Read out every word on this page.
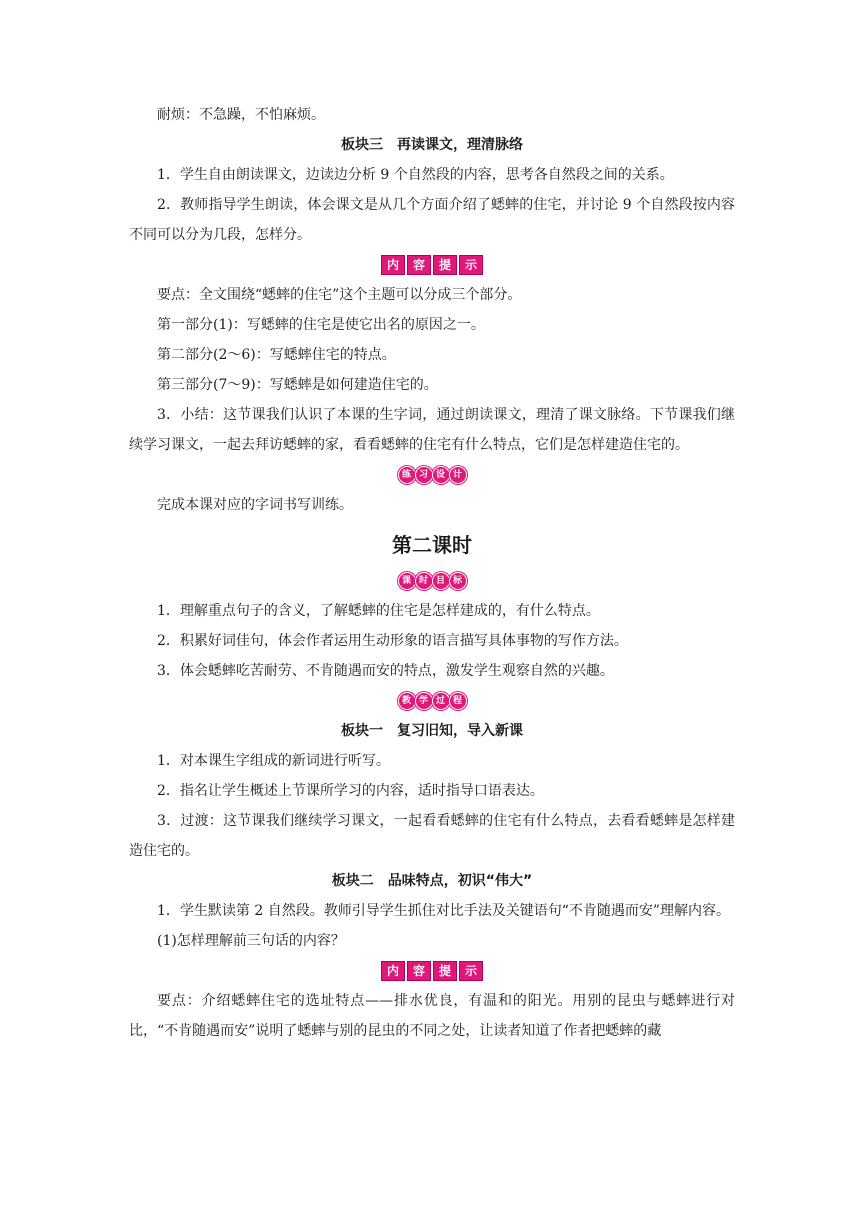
耐烦：不急躁，不怕麻烦。

板块三　再读课文，理清脉络

1．学生自由朗读课文，边读边分析 9 个自然段的内容，思考各自然段之间的关系。

2．教师指导学生朗读，体会课文是从几个方面介绍了蟋蟀的住宅，并讨论 9 个自然段按内容不同可以分为几段，怎样分。

内	容	提	示

要点：全文围绕“蟋蟀的住宅”这个主题可以分成三个部分。

第一部分(1)：写蟋蟀的住宅是使它出名的原因之一。

第二部分(2～6)：写蟋蟀住宅的特点。

第三部分(7～9)：写蟋蟀是如何建造住宅的。

3．小结：这节课我们认识了本课的生字词，通过朗读课文，理清了课文脉络。下节课我们继续学习课文，一起去拜访蟋蟀的家，看看蟋蟀的住宅有什么特点，它们是怎样建造住宅的。

练 习 设 计

完成本课对应的字词书写训练。

第二课时

课 时 目 标

1．理解重点句子的含义，了解蟋蟀的住宅是怎样建成的，有什么特点。

2．积累好词佳句，体会作者运用生动形象的语言描写具体事物的写作方法。

3．体会蟋蟀吃苦耐劳、不肯随遇而安的特点，激发学生观察自然的兴趣。

教 学 过 程

板块一　复习旧知，导入新课

1．对本课生字组成的新词进行听写。

2．指名让学生概述上节课所学习的内容，适时指导口语表达。

3．过渡：这节课我们继续学习课文，一起看看蟋蟀的住宅有什么特点，去看看蟋蟀是怎样建造住宅的。

板块二　品味特点，初识“伟大”

1．学生默读第 2 自然段。教师引导学生抓住对比手法及关键语句“不肯随遇而安”理解内容。

(1)怎样理解前三句话的内容？

内	容	提	示

要点：介绍蟋蟀住宅的选址特点——排水优良，有温和的阳光。用别的昆虫与蟋蟀进行对比，“不肯随遇而安”说明了蟋蟀与别的昆虫的不同之处，让读者知道了作者把蟋蟀的藏
